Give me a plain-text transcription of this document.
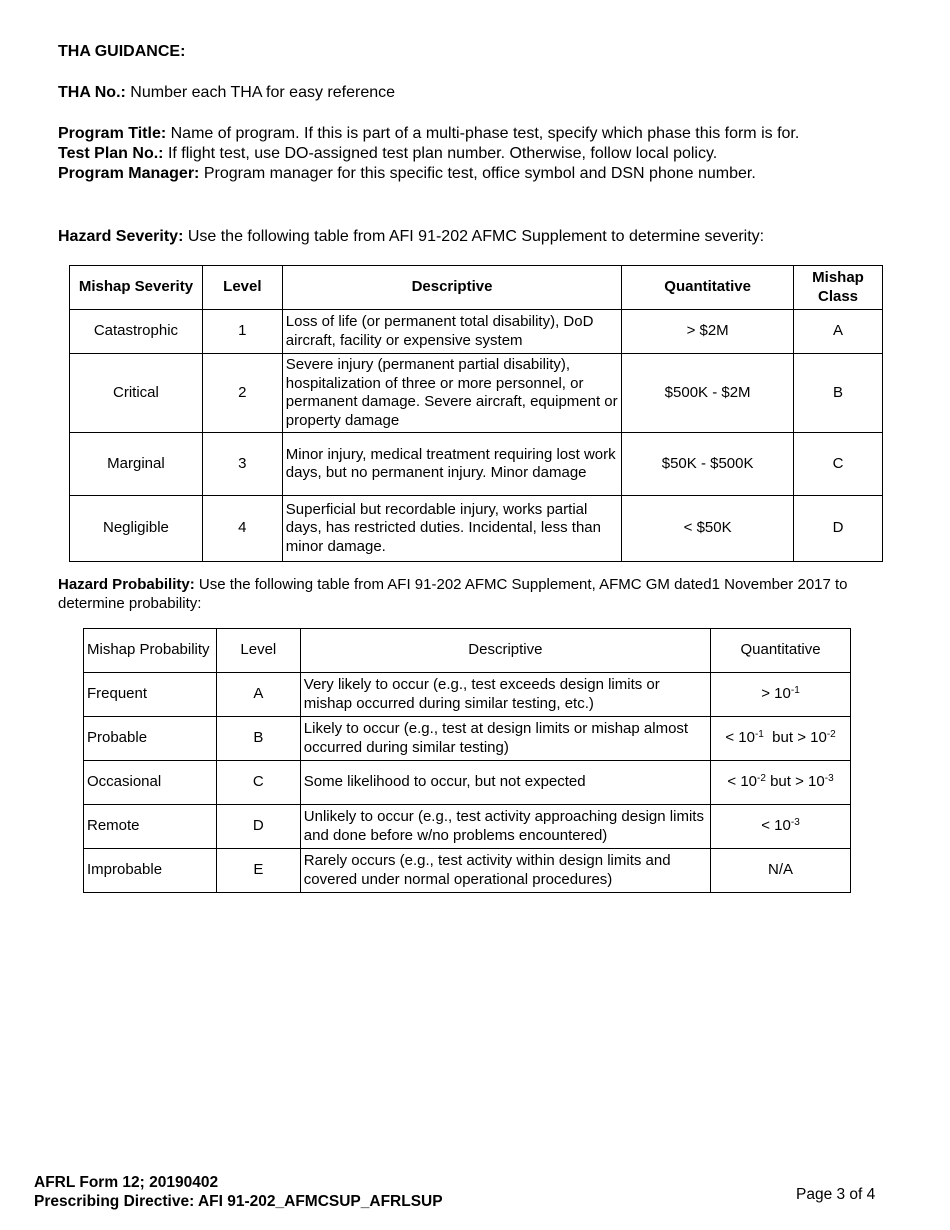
THA GUIDANCE:
THA No.: Number each THA for easy reference
Program Title: Name of program. If this is part of a multi-phase test, specify which phase this form is for.
Test Plan No.: If flight test, use DO-assigned test plan number. Otherwise, follow local policy.
Program Manager: Program manager for this specific test, office symbol and DSN phone number.
Hazard Severity: Use the following table from AFI 91-202 AFMC Supplement to determine severity:
Mishap Severity	Level	Descriptive	Quantitative	Mishap Class
Catastrophic	1	Loss of life (or permanent total disability), DoD aircraft, facility or expensive system	> $2M	A
Critical	2	Severe injury (permanent partial disability), hospitalization of three or more personnel, or permanent damage. Severe aircraft, equipment or property damage	$500K - $2M	B
Marginal	3	Minor injury, medical treatment requiring lost work days, but no permanent injury. Minor damage	$50K - $500K	C
Negligible	4	Superficial but recordable injury, works partial days, has restricted duties. Incidental, less than minor damage.	< $50K	D
Hazard Probability: Use the following table from AFI 91-202 AFMC Supplement, AFMC GM dated1 November 2017 to
determine probability:
Mishap Probability	Level	Descriptive	Quantitative
Frequent	A	Very likely to occur (e.g., test exceeds design limits or mishap occurred during similar testing, etc.)	> $10^{-1}$
Probable	B	Likely to occur (e.g., test at design limits or mishap almost occurred during similar testing)	< $10^{-1}$  but > $10^{-2}$
Occasional	C	Some likelihood to occur, but not expected	< $10^{-2}$ but > $10^{-3}$
Remote	D	Unlikely to occur (e.g., test activity approaching design limits and done before w/no problems encountered)	< $10^{-3}$
Improbable	E	Rarely occurs (e.g., test activity within design limits and covered under normal operational procedures)	N/A
AFRL Form 12; 20190402
Prescribing Directive: AFI 91-202_AFMCSUP_AFRLSUP	Page 3 of 4
